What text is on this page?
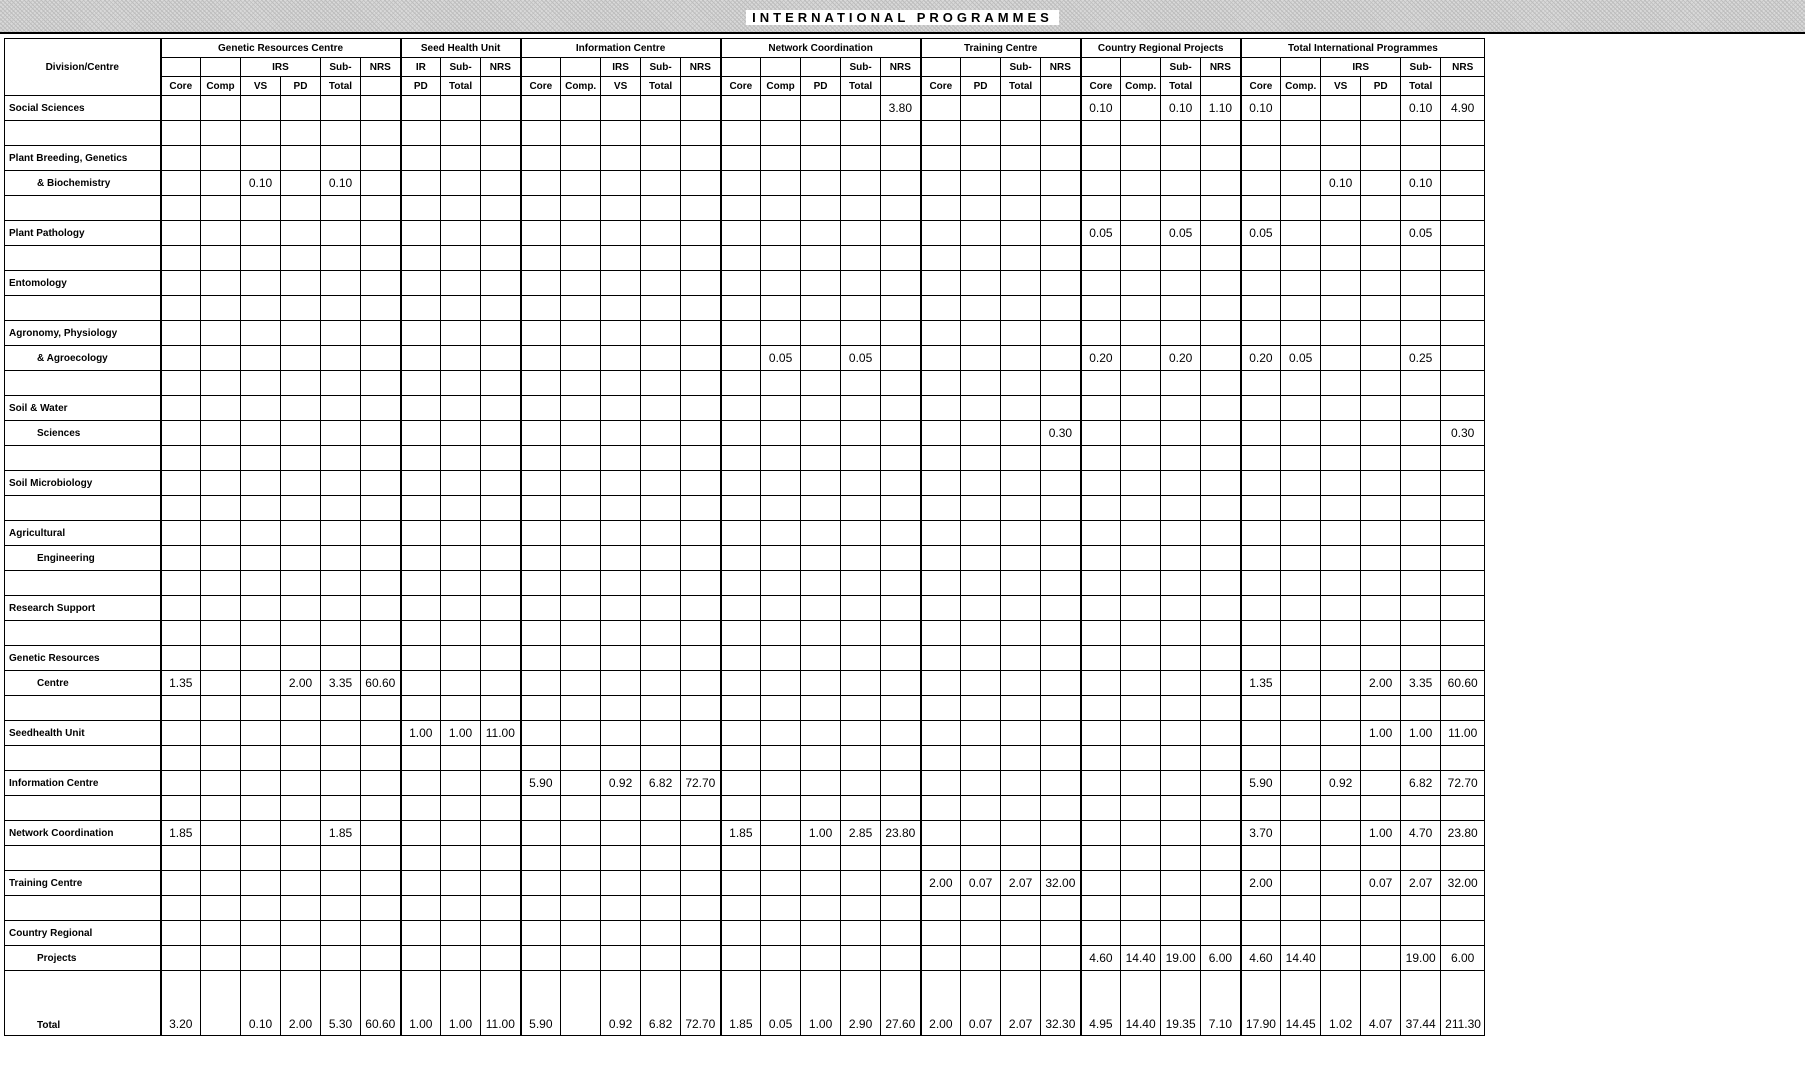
INTERNATIONAL PROGRAMMES
Division/Centre	Genetic Resources Centre						Seed Health Unit			Information Centre					Network Coordination					Training Centre				Country Regional Projects				Total International Programmes					
			IRS		Sub-	NRS	IR	Sub-	NRS			IRS	Sub-	NRS				Sub-	NRS			Sub-	NRS			Sub-	NRS			IRS		Sub-	NRS
	Core	Comp	VS	PD	Total		PD	Total		Core	Comp.	VS	Total		Core	Comp	PD	Total		Core	PD	Total		Core	Comp.	Total		Core	Comp.	VS	PD	Total	
Social Sciences																			3.80					0.10		0.10	1.10	0.10				0.10	4.90

Plant Breeding, Genetics																																	
& Biochemistry			0.10		0.10																									0.10		0.10	

Plant Pathology																								0.05		0.05		0.05				0.05	

Entomology																																	

Agronomy, Physiology																																	
& Agroecology																0.05		0.05						0.20		0.20		0.20	0.05			0.25	

Soil & Water																																	
Sciences																							0.30										0.30

Soil Microbiology																																	

Agricultural																																	
Engineering																																	

Research Support																																	

Genetic Resources																																	
Centre	1.35			2.00	3.35	60.60																						1.35			2.00	3.35	60.60

Seedhealth Unit							1.00	1.00	11.00																						1.00	1.00	11.00

Information Centre										5.90		0.92	6.82	72.70														5.90		0.92		6.82	72.70

Network Coordination	1.85				1.85										1.85		1.00	2.85	23.80									3.70			1.00	4.70	23.80

Training Centre																				2.00	0.07	2.07	32.00					2.00			0.07	2.07	32.00

Country Regional																																	
Projects																								4.60	14.40	19.00	6.00	4.60	14.40			19.00	6.00
Total	3.20		0.10	2.00	5.30	60.60	1.00	1.00	11.00	5.90		0.92	6.82	72.70	1.85	0.05	1.00	2.90	27.60	2.00	0.07	2.07	32.30	4.95	14.40	19.35	7.10	17.90	14.45	1.02	4.07	37.44	211.30
